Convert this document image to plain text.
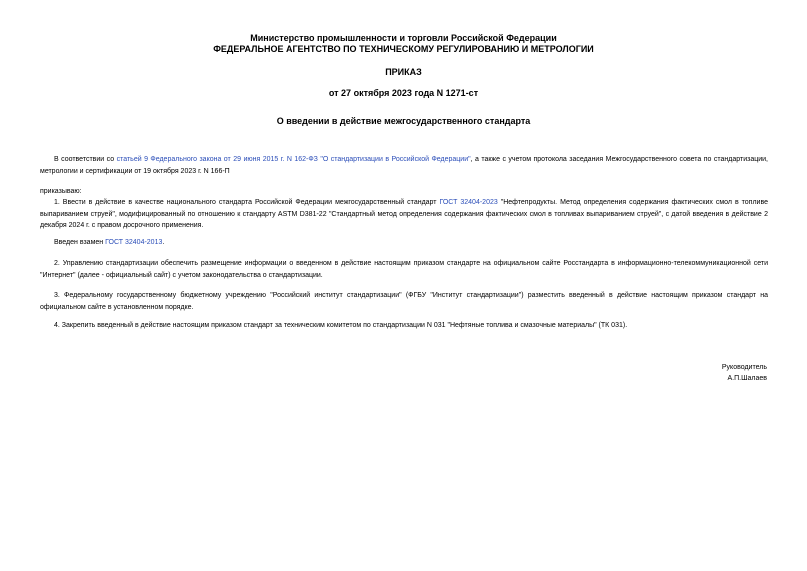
Министерство промышленности и торговли Российской Федерации
ФЕДЕРАЛЬНОЕ АГЕНТСТВО ПО ТЕХНИЧЕСКОМУ РЕГУЛИРОВАНИЮ И МЕТРОЛОГИИ
ПРИКАЗ
от 27 октября 2023 года N 1271-ст
О введении в действие межгосударственного стандарта
В соответствии со статьей 9 Федерального закона от 29 июня 2015 г. N 162-ФЗ "О стандартизации в Российской Федерации", а также с учетом протокола заседания Межгосударственного совета по стандартизации, метрологии и сертификации от 19 октября 2023 г. N 166-П
приказываю:
1. Ввести в действие в качестве национального стандарта Российской Федерации межгосударственный стандарт ГОСТ 32404-2023 "Нефтепродукты. Метод определения содержания фактических смол в топливе выпариванием струей", модифицированный по отношению к стандарту ASTM D381-22 "Стандартный метод определения содержания фактических смол в топливах выпариванием струей", с датой введения в действие 2 декабря 2024 г. с правом досрочного применения.
Введен взамен ГОСТ 32404-2013.
2. Управлению стандартизации обеспечить размещение информации о введенном в действие настоящим приказом стандарте на официальном сайте Росстандарта в информационно-телекоммуникационной сети "Интернет" (далее - официальный сайт) с учетом законодательства о стандартизации.
3. Федеральному государственному бюджетному учреждению "Российский институт стандартизации" (ФГБУ "Институт стандартизации") разместить введенный в действие настоящим приказом стандарт на официальном сайте в установленном порядке.
4. Закрепить введенный в действие настоящим приказом стандарт за техническим комитетом по стандартизации N 031 "Нефтяные топлива и смазочные материалы" (ТК 031).
Руководитель
А.П.Шалаев
